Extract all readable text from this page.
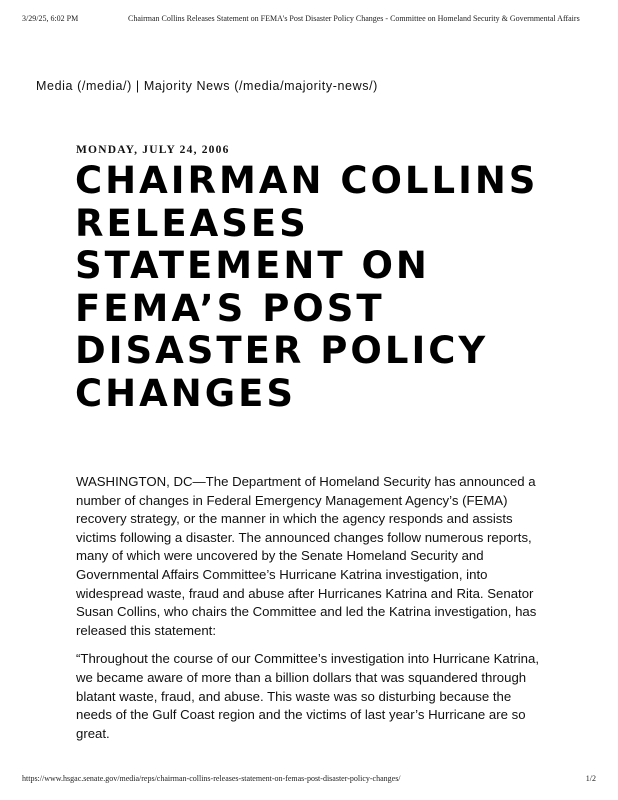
3/29/25, 6:02 PM	Chairman Collins Releases Statement on FEMA's Post Disaster Policy Changes - Committee on Homeland Security & Governmental Affairs
Media (/media/) | Majority News (/media/majority-news/)
MONDAY, JULY 24, 2006
CHAIRMAN COLLINS RELEASES STATEMENT ON FEMA’S POST DISASTER POLICY CHANGES

WASHINGTON, DC—The Department of Homeland Security has announced a number of changes in Federal Emergency Management Agency’s (FEMA) recovery strategy, or the manner in which the agency responds and assists victims following a disaster. The announced changes follow numerous reports, many of which were uncovered by the Senate Homeland Security and Governmental Affairs Committee’s Hurricane Katrina investigation, into widespread waste, fraud and abuse after Hurricanes Katrina and Rita. Senator Susan Collins, who chairs the Committee and led the Katrina investigation, has released this statement:

“Throughout the course of our Committee’s investigation into Hurricane Katrina, we became aware of more than a billion dollars that was squandered through blatant waste, fraud, and abuse. This waste was so disturbing because the needs of the Gulf Coast region and the victims of last year’s Hurricane are so great.

https://www.hsgac.senate.gov/media/reps/chairman-collins-releases-statement-on-femas-post-disaster-policy-changes/	1/2
